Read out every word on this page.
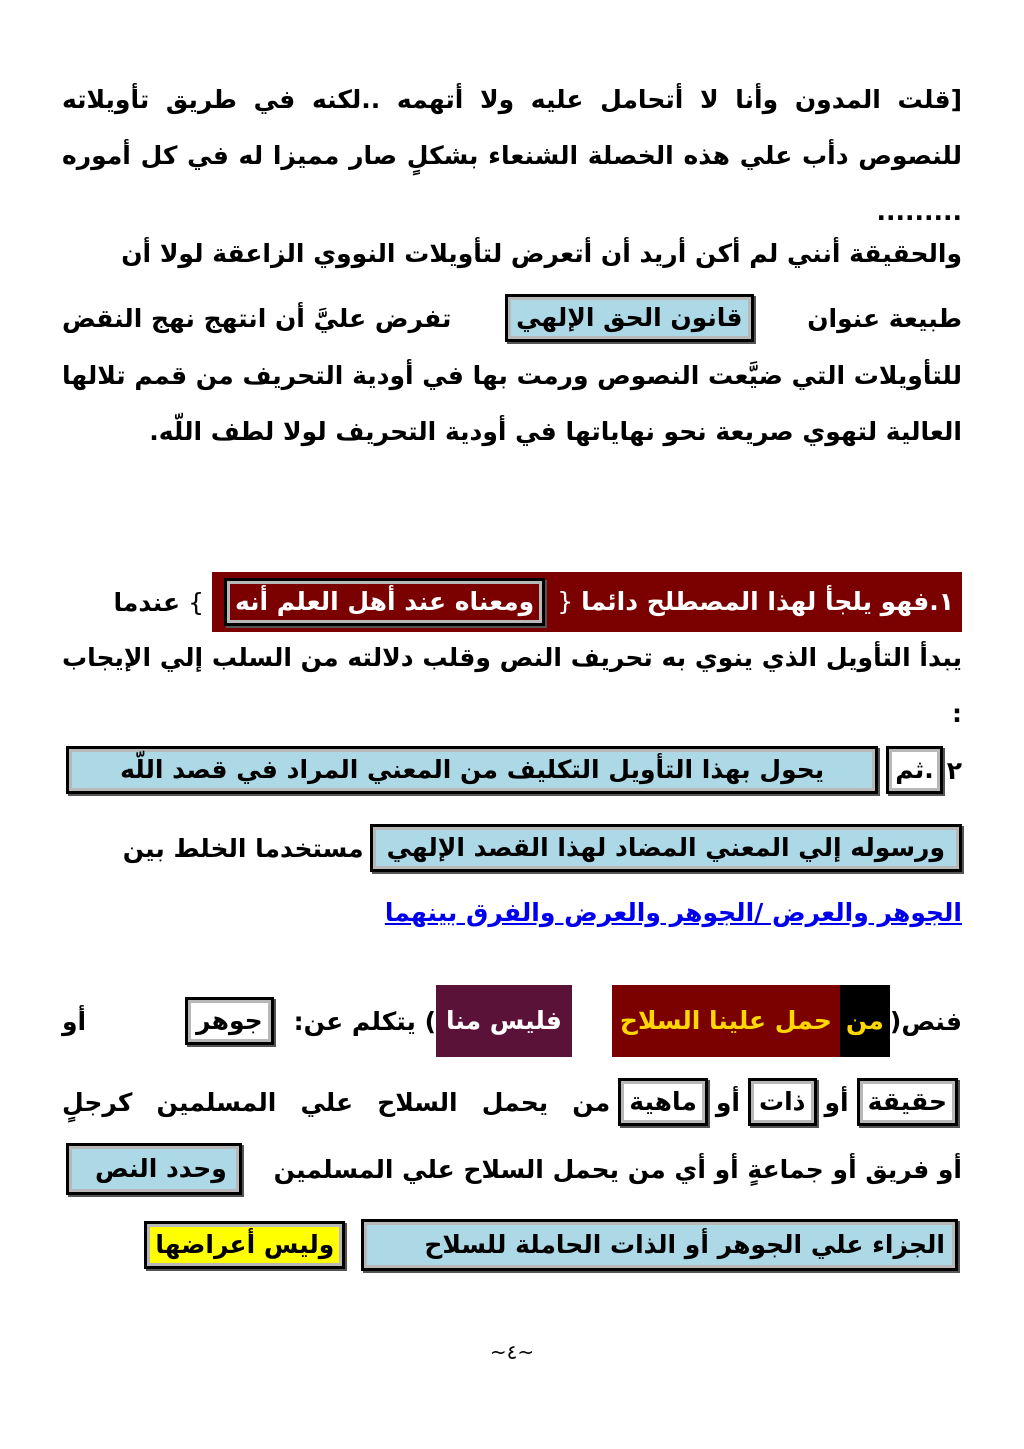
[قلت المدون وأنا لا أتحامل عليه ولا أتهمه ..لكنه في طريق تأويلاته للنصوص دأب علي هذه الخصلة الشنعاء بشكلٍ صار مميزا له في كل أموره .........
والحقيقة أنني لم أكن أريد أن أتعرض لتأويلات النووي الزاعقة لولا أن
طبيعة عنوان
قانون الحق الإلهي
تفرض عليَّ أن انتهج نهج النقض
للتأويلات التي ضيَّعت النصوص ورمت بها في أودية التحريف من قمم تلالها العالية لتهوي صريعة نحو نهاياتها في أودية التحريف لولا لطف اللّه.
١.فهو يلجأ لهذا المصطلح دائما
{
ومعناه عند أهل العلم أنه
}
عندما
يبدأ التأويل الذي ينوي به تحريف النص وقلب دلالته من السلب إلي الإيجاب :
٢
.ثم
يحول بهذا التأويل التكليف من المعني المراد في قصد اللّه
ورسوله إلي المعني المضاد لهذا القصد الإلهي
مستخدما الخلط بين
الجوهر والعرض /الجوهر والعرض والفرق بينهما
فنص(
من
حمل علينا السلاح
فليس منا
) يتكلم عن:
جوهر
أو
حقيقة
أو
ذات
أو
ماهية
من يحمل السلاح علي المسلمين كرجلٍ
أو فريق أو جماعةٍ أو أي من يحمل السلاح علي المسلمين
وحدد النص
الجزاء علي الجوهر أو الذات الحاملة للسلاح
وليس أعراضها
~٤~
